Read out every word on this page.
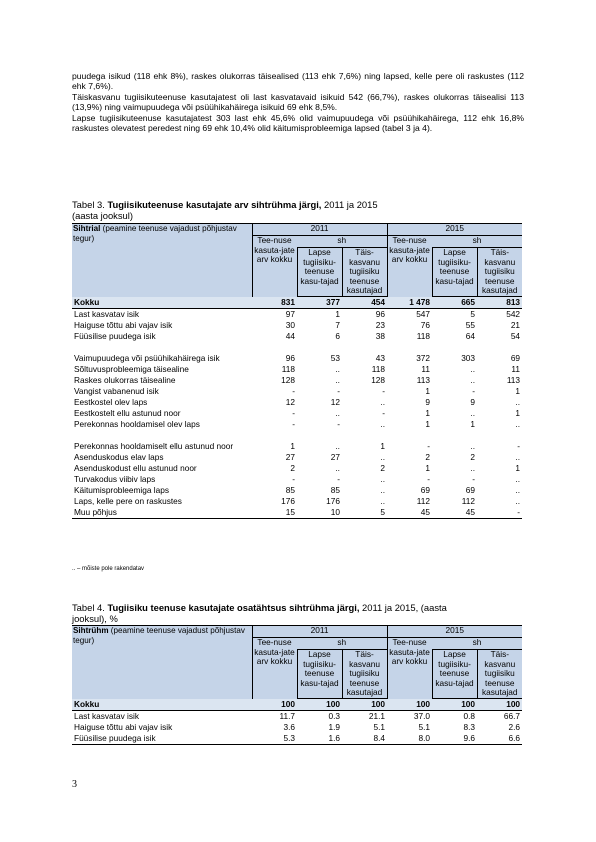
puudega isikud (118 ehk 8%), raskes olukorras täisealised (113 ehk 7,6%) ning lapsed, kelle pere oli raskustes (112 ehk 7,6%).

Täiskasvanu tugiisikuteenuse kasutajatest oli last kasvatavaid isikuid 542 (66,7%), raskes olukorras täisealisi 113 (13,9%) ning vaimupuudega või psüühikahäirega isikuid 69 ehk 8,5%.

Lapse tugiisikuteenuse kasutajatest 303 last ehk 45,6% olid vaimupuudega või psüühikahäirega, 112 ehk 16,8% raskustes olevatest peredest ning 69 ehk 10,4% olid käitumisprobleemiga lapsed (tabel 3 ja 4).

Tabel 3. Tugiisikuteenuse kasutajate arv sihtrühma järgi, 2011 ja 2015
(aasta jooksul)
Sihtrial (peamine teenuse vajadust põhjustav tegur)	2011			2015		
	Tee-nuse kasuta-jate arv kokku	sh		Tee-nuse kasuta-jate arv kokku	sh	
		Lapse tugiisiku-teenuse kasu-tajad	Täis-kasvanu tugiisiku teenuse kasutajad		Lapse tugiisiku-teenuse kasu-tajad	Täis-kasvanu tugiisiku teenuse kasutajad
Kokku	831	377	454	1 478	665	813
Last kasvatav isik	97	1	96	547	5	542
Haiguse tõttu abi vajav isik	30	7	23	76	55	21
Füüsilise puudega isik	44	6	38	118	64	54
Vaimupuudega või psüühikahäirega isik	96	53	43	372	303	69
Sõltuvusprobleemiga täisealine	118	..	118	11	..	11
Raskes olukorras täisealine	128	..	128	113	..	113
Vangist vabanenud isik	-	-	-	1	-	1
Eestkostel olev laps	12	12	..	9	9	..
Eestkostelt ellu astunud noor	-	..	-	1	..	1
Perekonnas hooldamisel olev laps	-	-	..	1	1	..
Perekonnas hooldamiselt ellu astunud noor	1	..	1	-	..	-
Asenduskodus elav laps	27	27	..	2	2	..
Asenduskodust ellu astunud noor	2	..	2	1	..	1
Turvakodus viibiv laps	-	-	..	-	-	..
Käitumisprobleemiga laps	85	85	..	69	69	..
Laps, kelle pere on raskustes	176	176	..	112	112	..
Muu põhjus	15	10	5	45	45	-
.. – mõiste pole rakendatav
Tabel 4. Tugiisiku teenuse kasutajate osatähtsus sihtrühma järgi, 2011 ja 2015, (aasta
jooksul), %
Sihtrühm (peamine teenuse vajadust põhjustav tegur)	2011			2015		
	Tee-nuse kasuta-jate arv kokku	sh		Tee-nuse kasuta-jate arv kokku	sh	
		Lapse tugiisiku-teenuse kasu-tajad	Täis-kasvanu tugiisiku teenuse kasutajad		Lapse tugiisiku-teenuse kasu-tajad	Täis-kasvanu tugiisiku teenuse kasutajad
Kokku	100	100	100	100	100	100
Last kasvatav isik	11.7	0.3	21.1	37.0	0.8	66.7
Haiguse tõttu abi vajav isik	3.6	1.9	5.1	5.1	8.3	2.6
Füüsilise puudega isik	5.3	1.6	8.4	8.0	9.6	6.6
3
